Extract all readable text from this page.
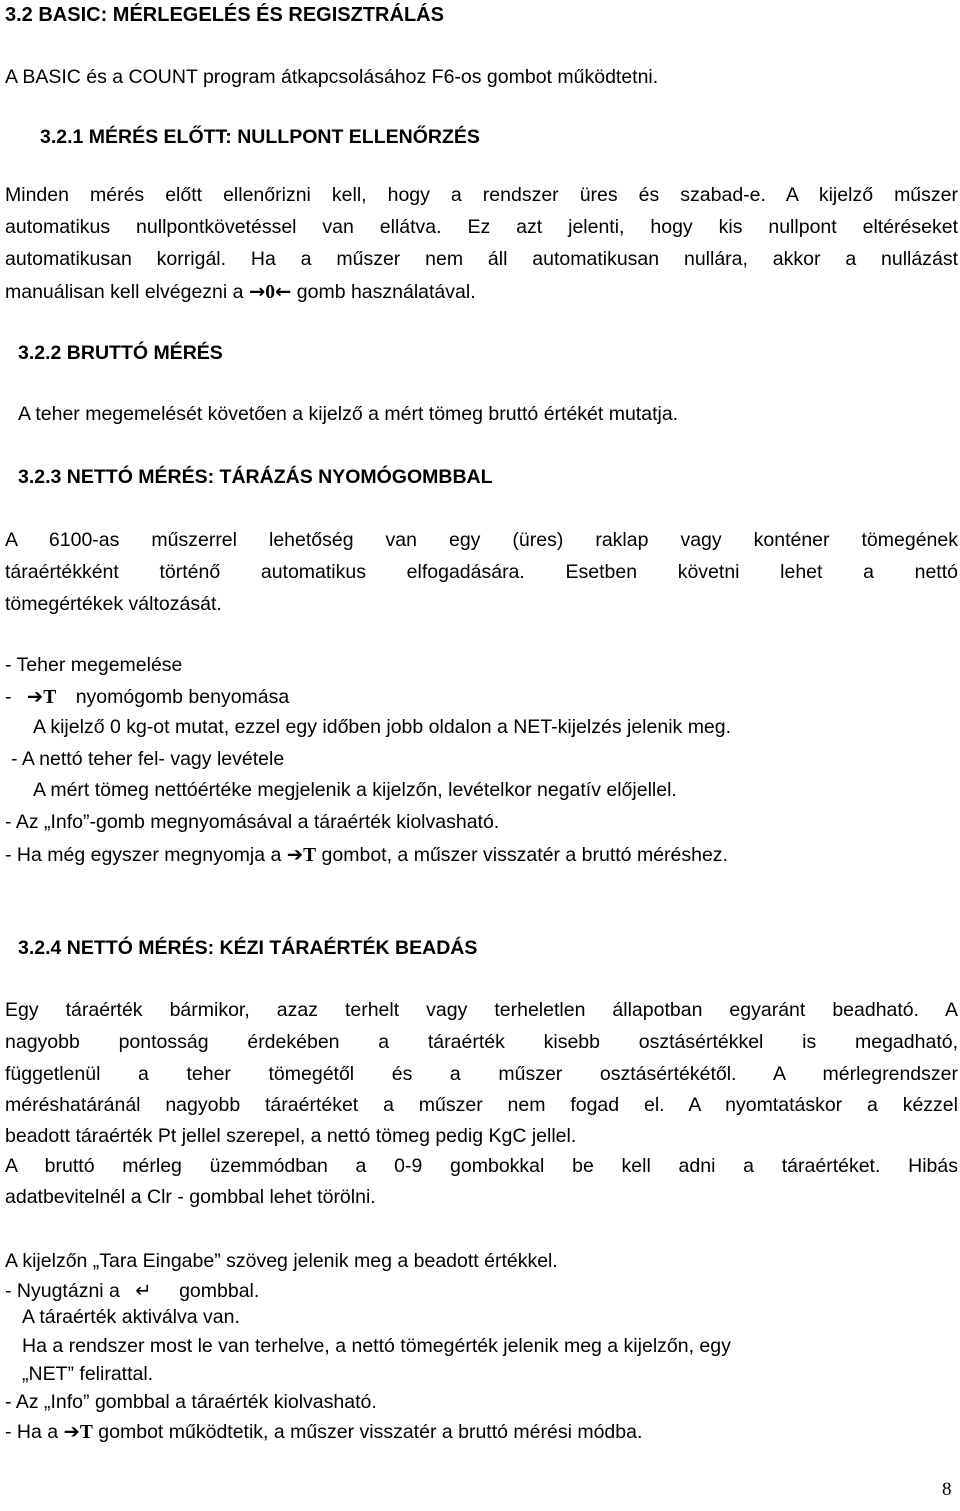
3.2 BASIC: MÉRLEGELÉS ÉS REGISZTRÁLÁS
A BASIC és a COUNT program átkapcsolásához F6-os gombot működtetni.
3.2.1 MÉRÉS ELŐTT: NULLPONT ELLENŐRZÉS
Minden mérés előtt ellenőrizni kell, hogy a rendszer üres és szabad-e. A kijelző műszer
automatikus nullpontkövetéssel van ellátva. Ez azt jelenti, hogy kis nullpont eltéréseket
automatikusan korrigál. Ha a műszer nem áll automatikusan nullára, akkor a nullázást
manuálisan kell elvégezni a →0← gomb használatával.
3.2.2 BRUTTÓ MÉRÉS
A teher megemelését követően a kijelző a mért tömeg bruttó értékét mutatja.
3.2.3 NETTÓ MÉRÉS: TÁRÁZÁS NYOMÓGOMBBAL
A 6100-as műszerrel lehetőség van egy (üres) raklap vagy konténer tömegének
táraértékként történő automatikus elfogadására. Esetben követni lehet a nettó
tömegértékek változását.
- Teher megemelése
- ➔T nyomógomb benyomása
A kijelző 0 kg-ot mutat, ezzel egy időben jobb oldalon a NET-kijelzés jelenik meg.
- A nettó teher fel- vagy levétele
A mért tömeg nettóértéke megjelenik a kijelzőn, levételkor negatív előjellel.
- Az „Info”-gomb megnyomásával a táraérték kiolvasható.
- Ha még egyszer megnyomja a ➔T gombot, a műszer visszatér a bruttó méréshez.
3.2.4 NETTÓ MÉRÉS: KÉZI TÁRAÉRTÉK BEADÁS
Egy táraérték bármikor, azaz terhelt vagy terheletlen állapotban egyaránt beadható. A
nagyobb pontosság érdekében a táraérték kisebb osztásértékkel is megadható,
függetlenül a teher tömegétől és a műszer osztásértékétől. A mérlegrendszer
méréshatáránál nagyobb táraértéket a műszer nem fogad el. A nyomtatáskor a kézzel
beadott táraérték Pt jellel szerepel, a nettó tömeg pedig KgC jellel.
A bruttó mérleg üzemmódban a 0-9 gombokkal be kell adni a táraértéket. Hibás
adatbevitelnél a Clr - gombbal lehet törölni.
A kijelzőn „Tara Eingabe” szöveg jelenik meg a beadott értékkel.
- Nyugtázni a ↵ gombbal.
A táraérték aktiválva van.
Ha a rendszer most le van terhelve, a nettó tömegérték jelenik meg a kijelzőn, egy
„NET” felirattal.
- Az „Info” gombbal a táraérték kiolvasható.
- Ha a ➔T gombot működtetik, a műszer visszatér a bruttó mérési módba.
8
